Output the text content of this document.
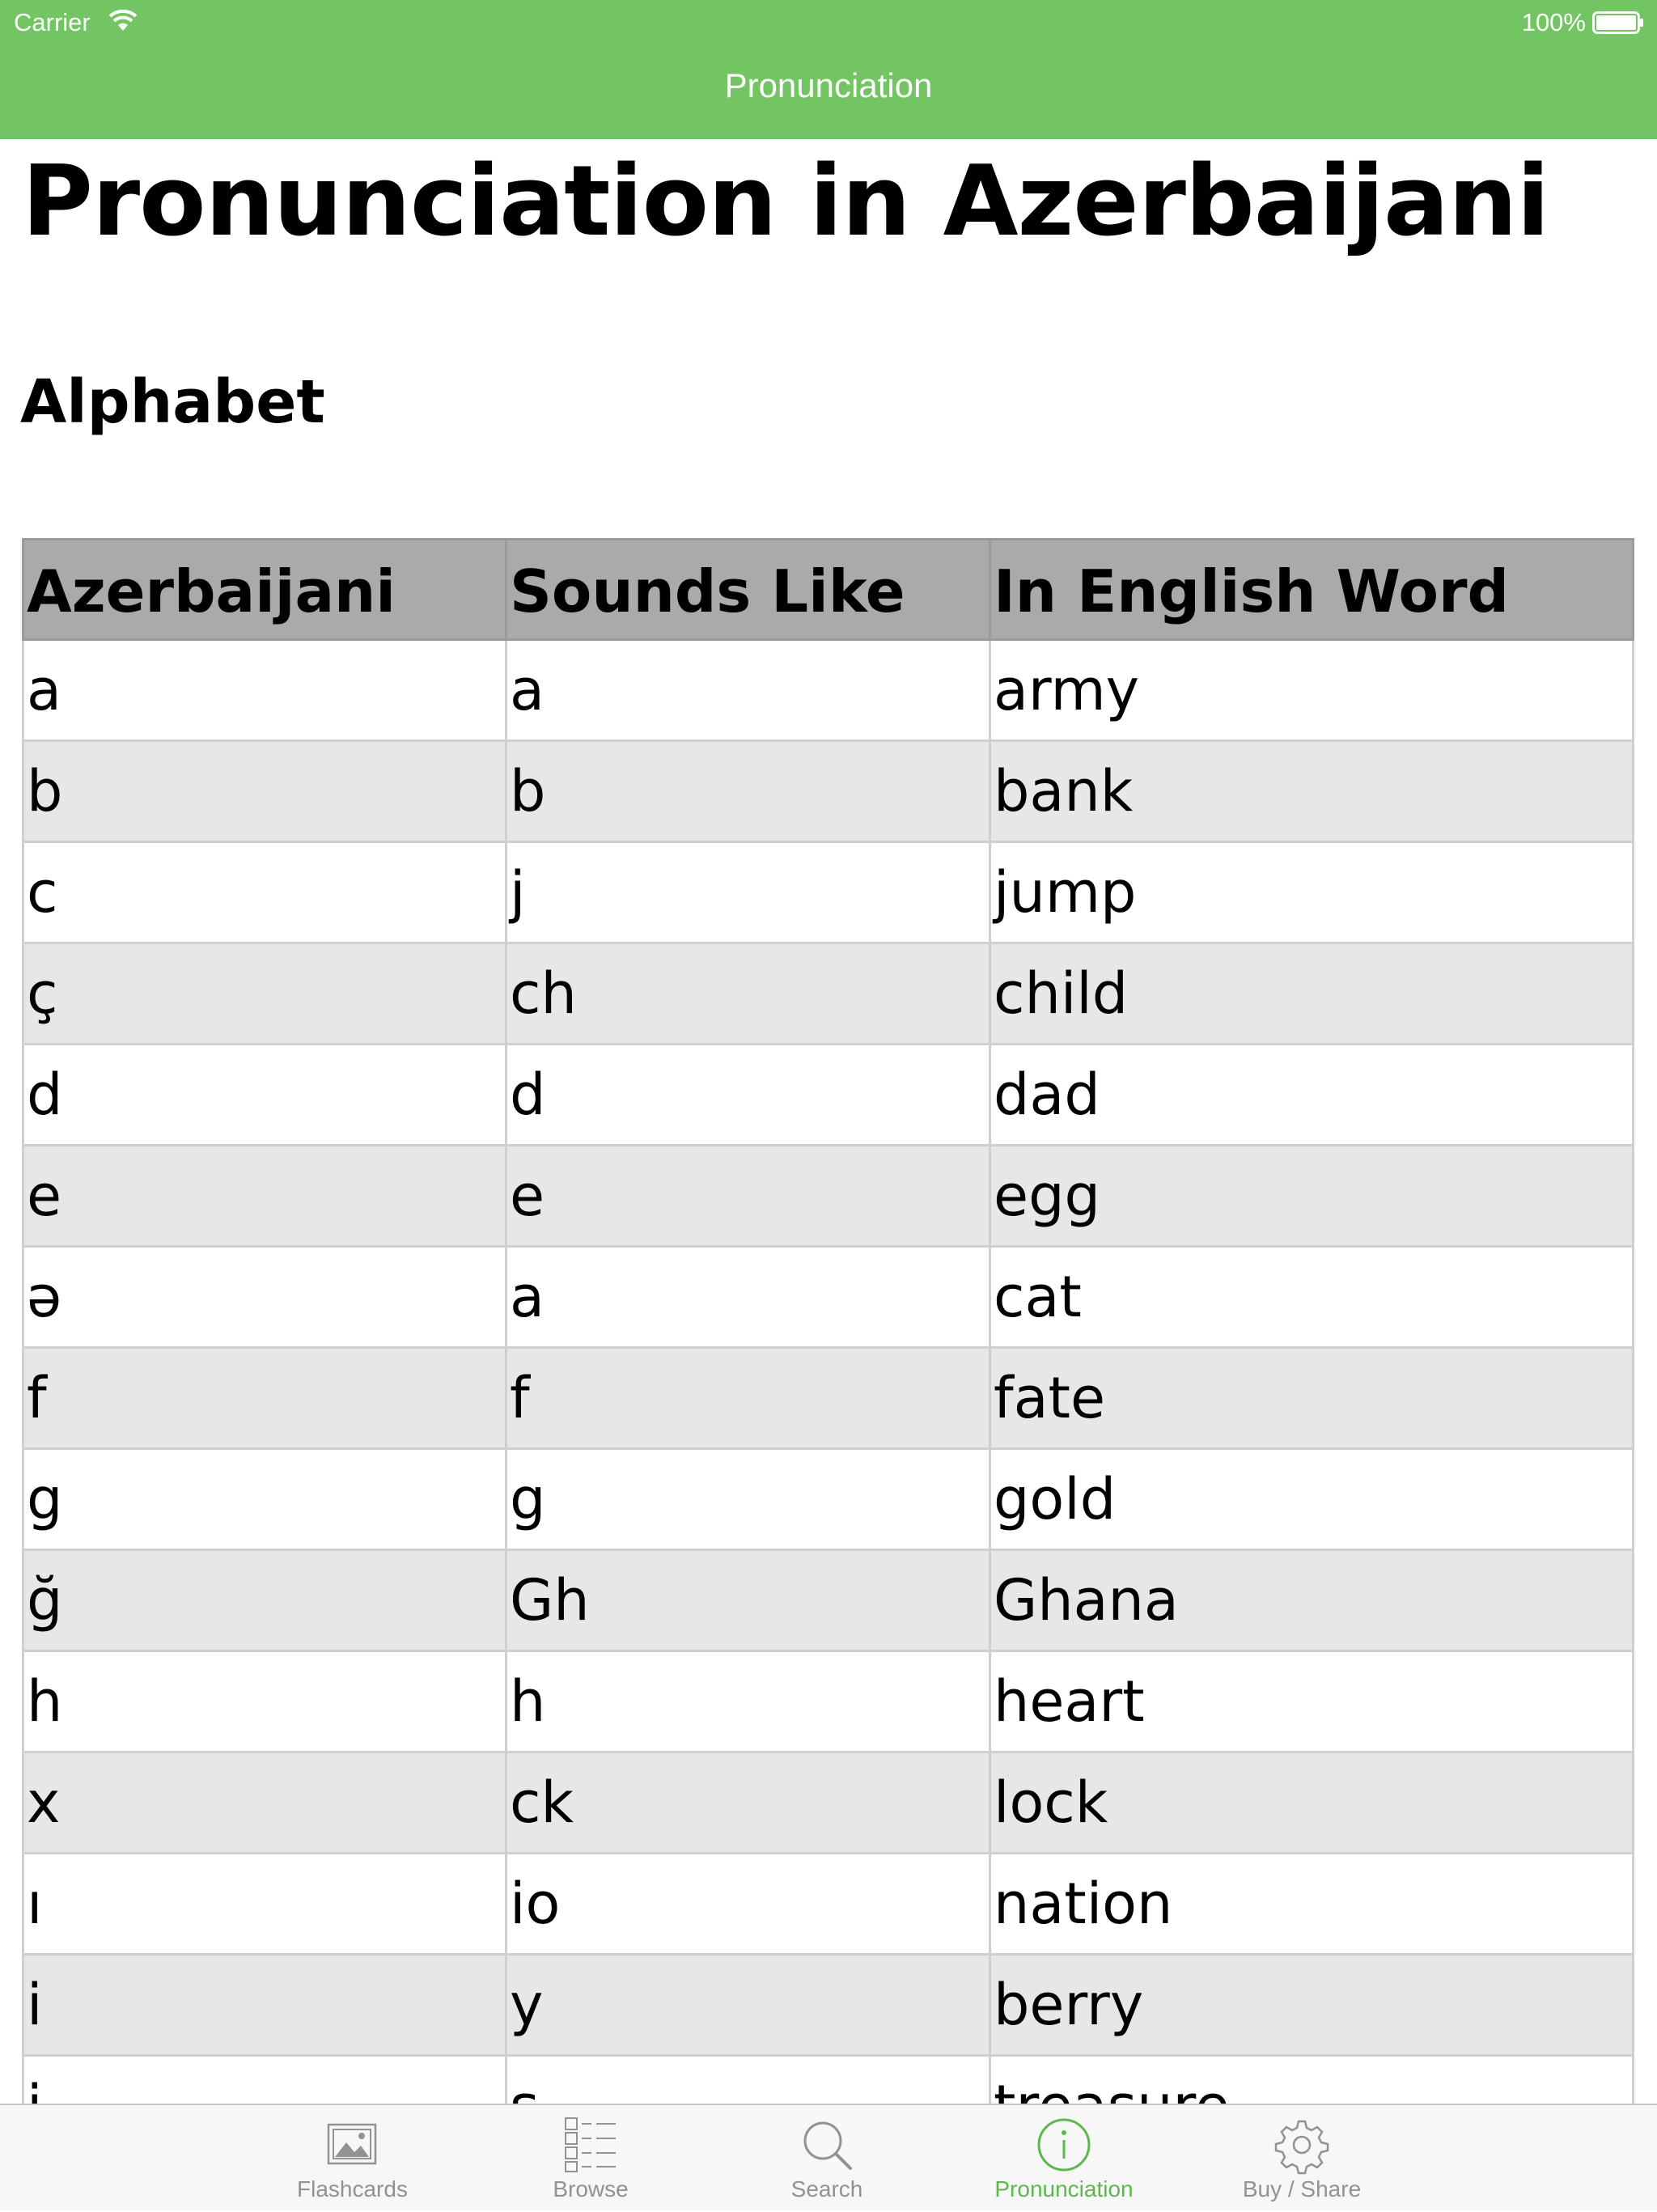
Carrier	100%
Pronunciation
Pronunciation in Azerbaijani
Alphabet
Azerbaijani	Sounds Like	In English Word
a	a	army
b	b	bank
c	j	jump
ç	ch	child
d	d	dad
e	e	egg
ə	a	cat
f	f	fate
g	g	gold
ğ	Gh	Ghana
h	h	heart
x	ck	lock
ı	io	nation
i	y	berry
Flashcards	Browse	Search	Pronunciation	Buy / Share
